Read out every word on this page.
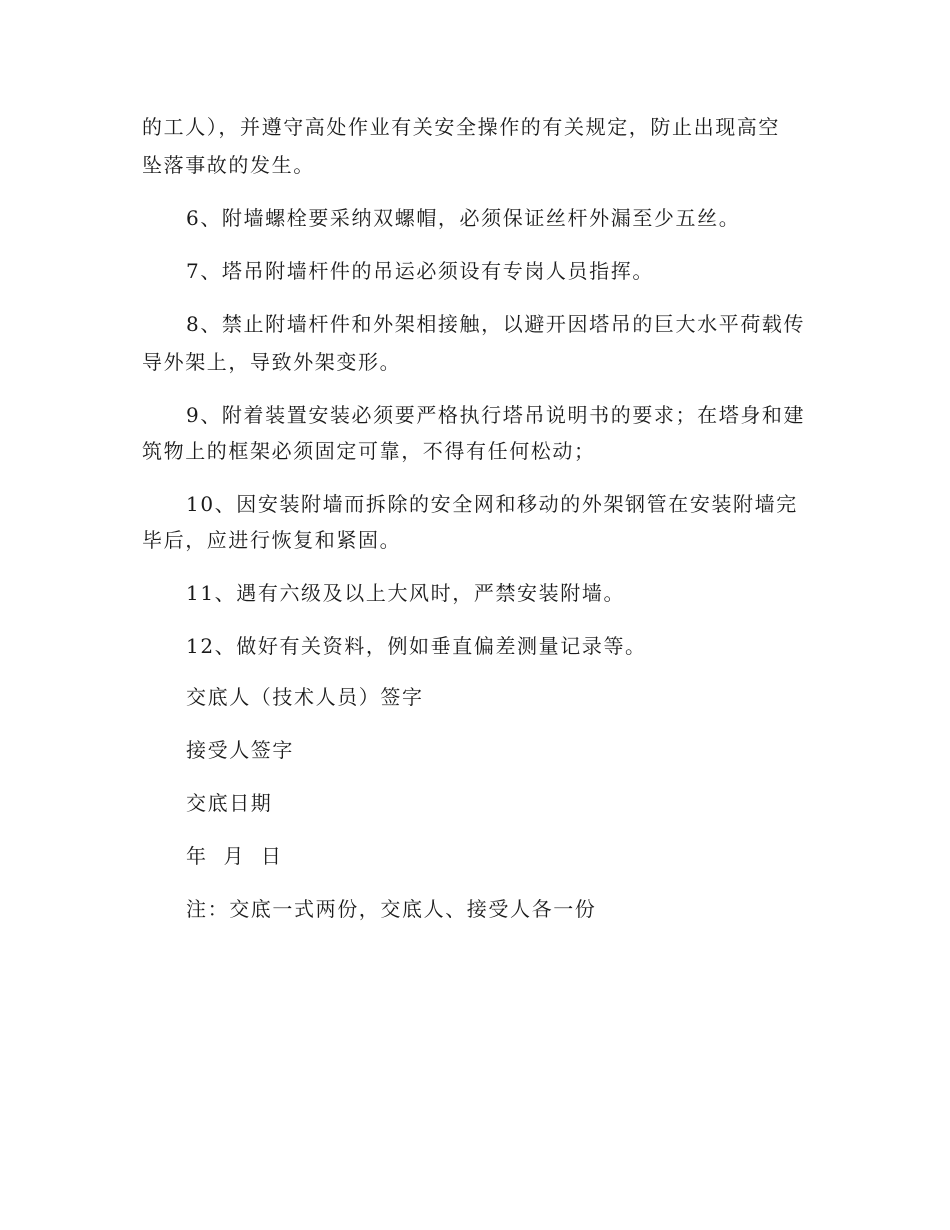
的工人），并遵守高处作业有关安全操作的有关规定，防止出现高空
坠落事故的发生。
6、附墙螺栓要采纳双螺帽，必须保证丝杆外漏至少五丝。
7、塔吊附墙杆件的吊运必须设有专岗人员指挥。
8、禁止附墙杆件和外架相接触，以避开因塔吊的巨大水平荷载传
导外架上，导致外架变形。
9、附着装置安装必须要严格执行塔吊说明书的要求；在塔身和建
筑物上的框架必须固定可靠，不得有任何松动；
10、因安装附墙而拆除的安全网和移动的外架钢管在安装附墙完
毕后，应进行恢复和紧固。
11、遇有六级及以上大风时，严禁安装附墙。
12、做好有关资料，例如垂直偏差测量记录等。
交底人（技术人员）签字
接受人签字
交底日期
年  月  日
注：交底一式两份，交底人、接受人各一份
